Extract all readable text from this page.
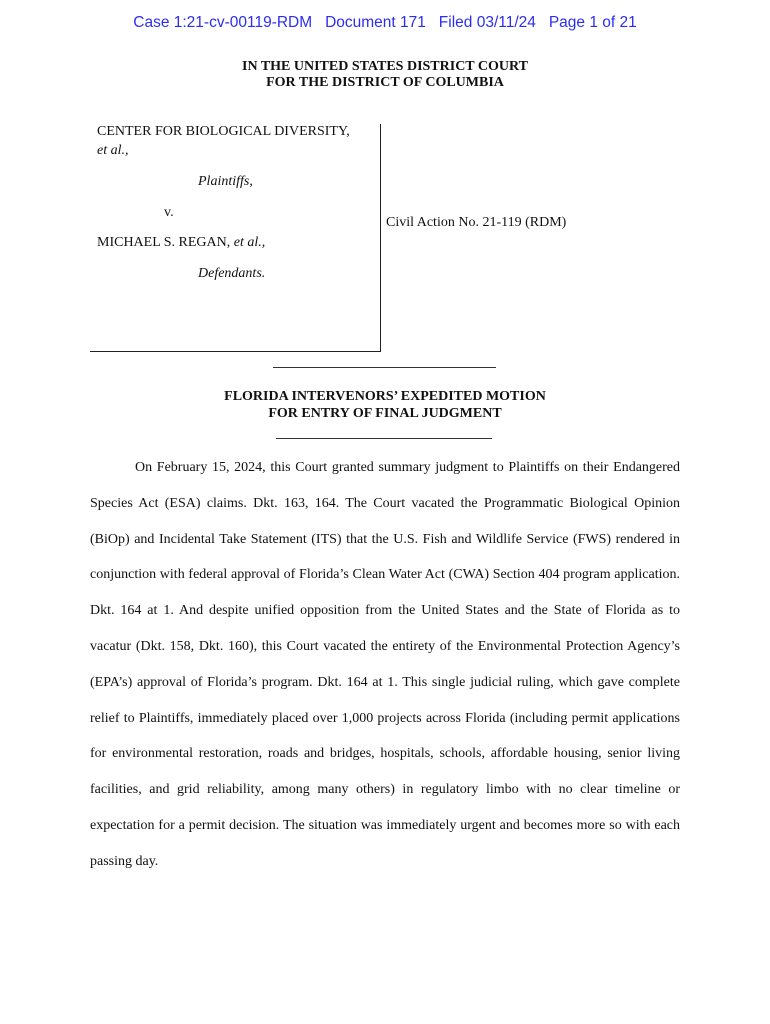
Case 1:21-cv-00119-RDM   Document 171   Filed 03/11/24   Page 1 of 21
IN THE UNITED STATES DISTRICT COURT
FOR THE DISTRICT OF COLUMBIA
CENTER FOR BIOLOGICAL DIVERSITY,
et al.,
Plaintiffs,
v.
MICHAEL S. REGAN, et al.,
Defendants.
Civil Action No. 21-119 (RDM)
FLORIDA INTERVENORS’ EXPEDITED MOTION
FOR ENTRY OF FINAL JUDGMENT

On February 15, 2024, this Court granted summary judgment to Plaintiffs on their Endangered Species Act (ESA) claims. Dkt. 163, 164. The Court vacated the Programmatic Biological Opinion (BiOp) and Incidental Take Statement (ITS) that the U.S. Fish and Wildlife Service (FWS) rendered in conjunction with federal approval of Florida’s Clean Water Act (CWA) Section 404 program application. Dkt. 164 at 1. And despite unified opposition from the United States and the State of Florida as to vacatur (Dkt. 158, Dkt. 160), this Court vacated the entirety of the Environmental Protection Agency’s (EPA’s) approval of Florida’s program. Dkt. 164 at 1. This single judicial ruling, which gave complete relief to Plaintiffs, immediately placed over 1,000 projects across Florida (including permit applications for environmental restoration, roads and bridges, hospitals, schools, affordable housing, senior living facilities, and grid reliability, among many others) in regulatory limbo with no clear timeline or expectation for a permit decision. The situation was immediately urgent and becomes more so with each passing day.
